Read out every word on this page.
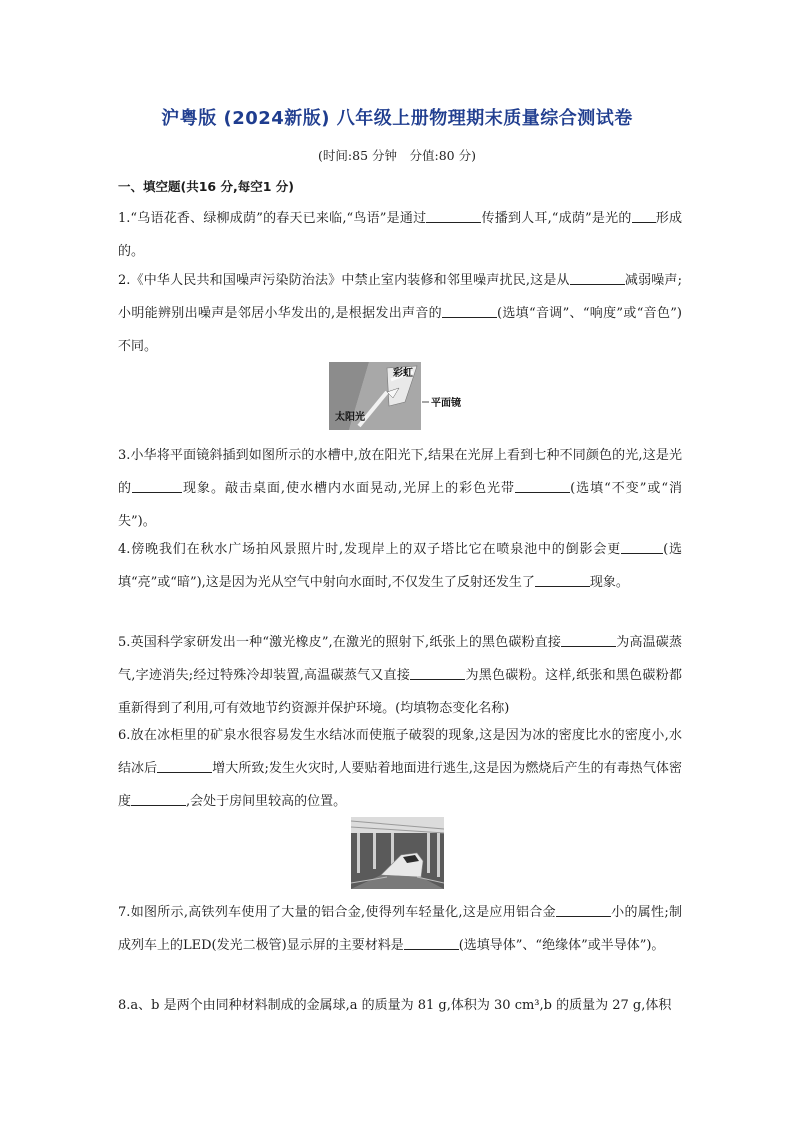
沪粤版 (2024新版) 八年级上册物理期末质量综合测试卷
(时间:85 分钟　分值:80 分)
一、填空题(共16 分,每空1 分)
1.“乌语花香、绿柳成荫”的春天已来临,“鸟语”是通过	传播到人耳,“成荫”是光的 形成的。
2.《中华人民共和国噪声污染防治法》中禁止室内装修和邻里噪声扰民,这是从	减弱噪声;小明能辨别出噪声是邻居小华发出的,是根据发出声音的	(选填“音调”、“响度”或“音色”)不同。
彩虹
平面镜
太阳光
3.小华将平面镜斜插到如图所示的水槽中,放在阳光下,结果在光屏上看到七种不同颜色的光,这是光的	现象。敲击桌面,使水槽内水面晃动,光屏上的彩色光带	(选填“不变”或“消失”)。
4.傍晚我们在秋水广场拍风景照片时,发现岸上的双子塔比它在喷泉池中的倒影会更	(选填“亮”或“暗”),这是因为光从空气中射向水面时,不仅发生了反射还发生了	现象。
5.英国科学家研发出一种“激光橡皮”,在激光的照射下,纸张上的黑色碳粉直接	为高温碳蒸气,字迹消失;经过特殊冷却装置,高温碳蒸气又直接	为黑色碳粉。这样,纸张和黑色碳粉都重新得到了利用,可有效地节约资源并保护环境。(均填物态变化名称)
6.放在冰柜里的矿泉水很容易发生水结冰而使瓶子破裂的现象,这是因为冰的密度比水的密度小,水结冰后	增大所致;发生火灾时,人要贴着地面进行逃生,这是因为燃烧后产生的有毒热气体密度	,会处于房间里较高的位置。
7.如图所示,高铁列车使用了大量的铝合金,使得列车轻量化,这是应用铝合金	小的属性;制成列车上的LED(发光二极管)显示屏的主要材料是	(选填导体”、“绝缘体”或半导体”)。
8.a、b 是两个由同种材料制成的金属球,a 的质量为 81 g,体积为 30 cm³,b 的质量为 27 g,体积
